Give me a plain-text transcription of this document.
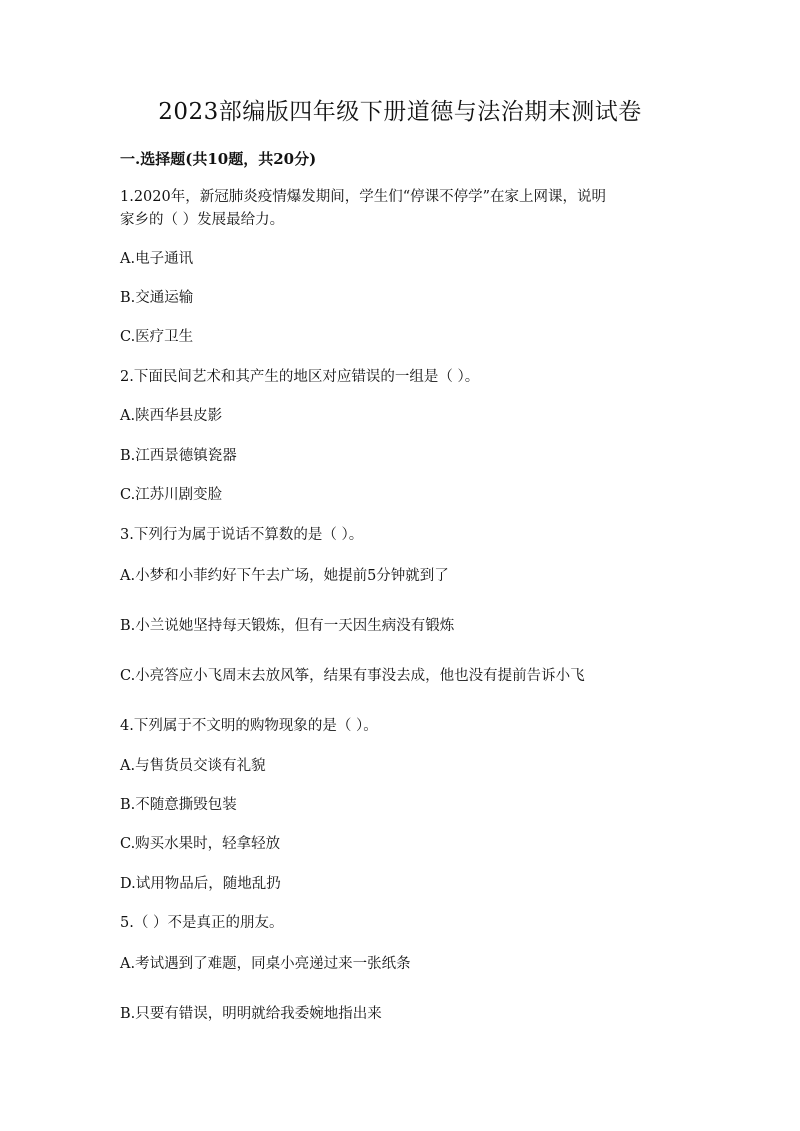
2023部编版四年级下册道德与法治期末测试卷
一.选择题(共10题，共20分)
1.2020年，新冠肺炎疫情爆发期间，学生们“停课不停学”在家上网课，说明
家乡的（ ）发展最给力。
A.电子通讯
B.交通运输
C.医疗卫生
2.下面民间艺术和其产生的地区对应错误的一组是（ ）。
A.陕西华县皮影
B.江西景德镇瓷器
C.江苏川剧变脸
3.下列行为属于说话不算数的是（ ）。
A.小梦和小菲约好下午去广场，她提前5分钟就到了
B.小兰说她坚持每天锻炼，但有一天因生病没有锻炼
C.小亮答应小飞周末去放风筝，结果有事没去成，他也没有提前告诉小飞
4.下列属于不文明的购物现象的是（ ）。
A.与售货员交谈有礼貌
B.不随意撕毁包装
C.购买水果时，轻拿轻放
D.试用物品后，随地乱扔
5.（ ）不是真正的朋友。
A.考试遇到了难题，同桌小亮递过来一张纸条
B.只要有错误，明明就给我委婉地指出来
